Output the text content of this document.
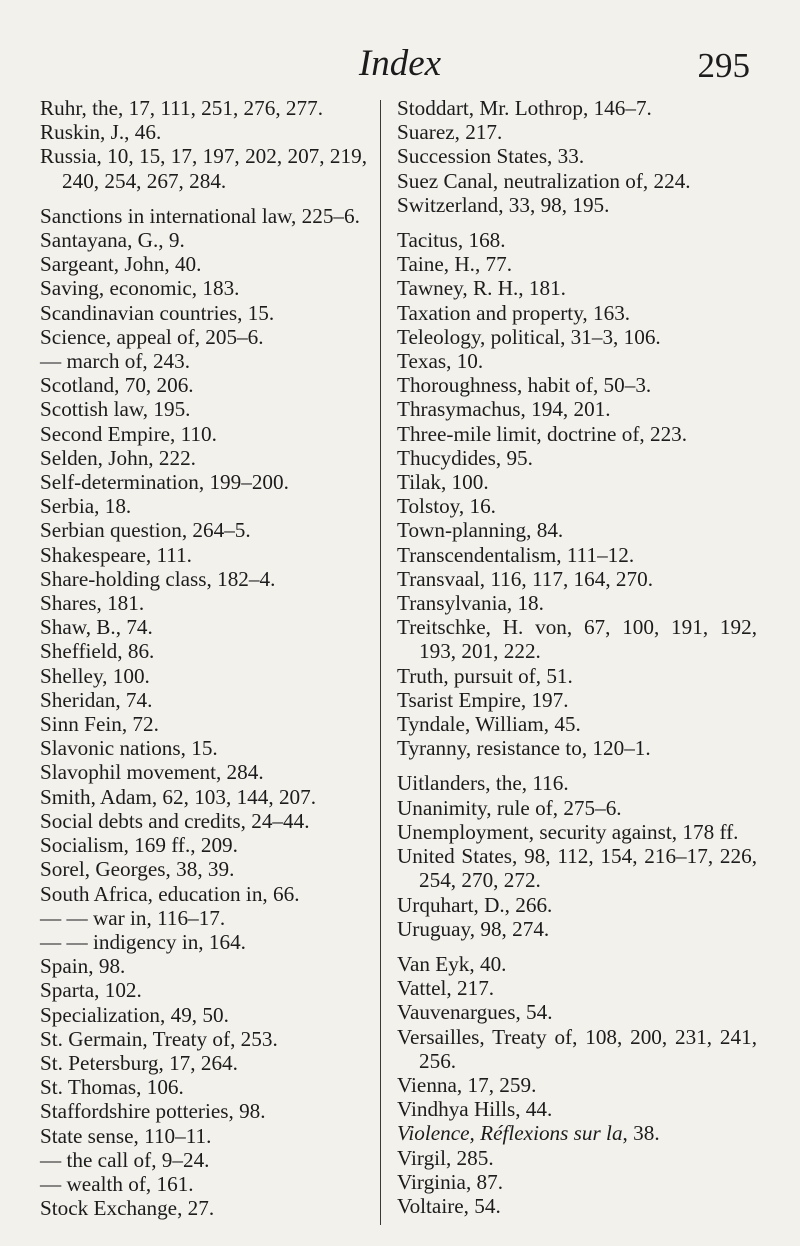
Index	295
Ruhr, the, 17, 111, 251, 276, 277.
Ruskin, J., 46.
Russia, 10, 15, 17, 197, 202, 207, 219, 240, 254, 267, 284.
Sanctions in international law, 225–6.
Santayana, G., 9.
Sargeant, John, 40.
Saving, economic, 183.
Scandinavian countries, 15.
Science, appeal of, 205–6.
— march of, 243.
Scotland, 70, 206.
Scottish law, 195.
Second Empire, 110.
Selden, John, 222.
Self-determination, 199–200.
Serbia, 18.
Serbian question, 264–5.
Shakespeare, 111.
Share-holding class, 182–4.
Shares, 181.
Shaw, B., 74.
Sheffield, 86.
Shelley, 100.
Sheridan, 74.
Sinn Fein, 72.
Slavonic nations, 15.
Slavophil movement, 284.
Smith, Adam, 62, 103, 144, 207.
Social debts and credits, 24–44.
Socialism, 169 ff., 209.
Sorel, Georges, 38, 39.
South Africa, education in, 66.
— — war in, 116–17.
— — indigency in, 164.
Spain, 98.
Sparta, 102.
Specialization, 49, 50.
St. Germain, Treaty of, 253.
St. Petersburg, 17, 264.
St. Thomas, 106.
Staffordshire potteries, 98.
State sense, 110–11.
— the call of, 9–24.
— wealth of, 161.
Stock Exchange, 27.
Stoddart, Mr. Lothrop, 146–7.
Suarez, 217.
Succession States, 33.
Suez Canal, neutralization of, 224.
Switzerland, 33, 98, 195.
Tacitus, 168.
Taine, H., 77.
Tawney, R. H., 181.
Taxation and property, 163.
Teleology, political, 31–3, 106.
Texas, 10.
Thoroughness, habit of, 50–3.
Thrasymachus, 194, 201.
Three-mile limit, doctrine of, 223.
Thucydides, 95.
Tilak, 100.
Tolstoy, 16.
Town-planning, 84.
Transcendentalism, 111–12.
Transvaal, 116, 117, 164, 270.
Transylvania, 18.
Treitschke, H. von, 67, 100, 191, 192, 193, 201, 222.
Truth, pursuit of, 51.
Tsarist Empire, 197.
Tyndale, William, 45.
Tyranny, resistance to, 120–1.
Uitlanders, the, 116.
Unanimity, rule of, 275–6.
Unemployment, security against, 178 ff.
United States, 98, 112, 154, 216–17, 226, 254, 270, 272.
Urquhart, D., 266.
Uruguay, 98, 274.
Van Eyk, 40.
Vattel, 217.
Vauvenargues, 54.
Versailles, Treaty of, 108, 200, 231, 241, 256.
Vienna, 17, 259.
Vindhya Hills, 44.
Violence, Réflexions sur la, 38.
Virgil, 285.
Virginia, 87.
Voltaire, 54.
